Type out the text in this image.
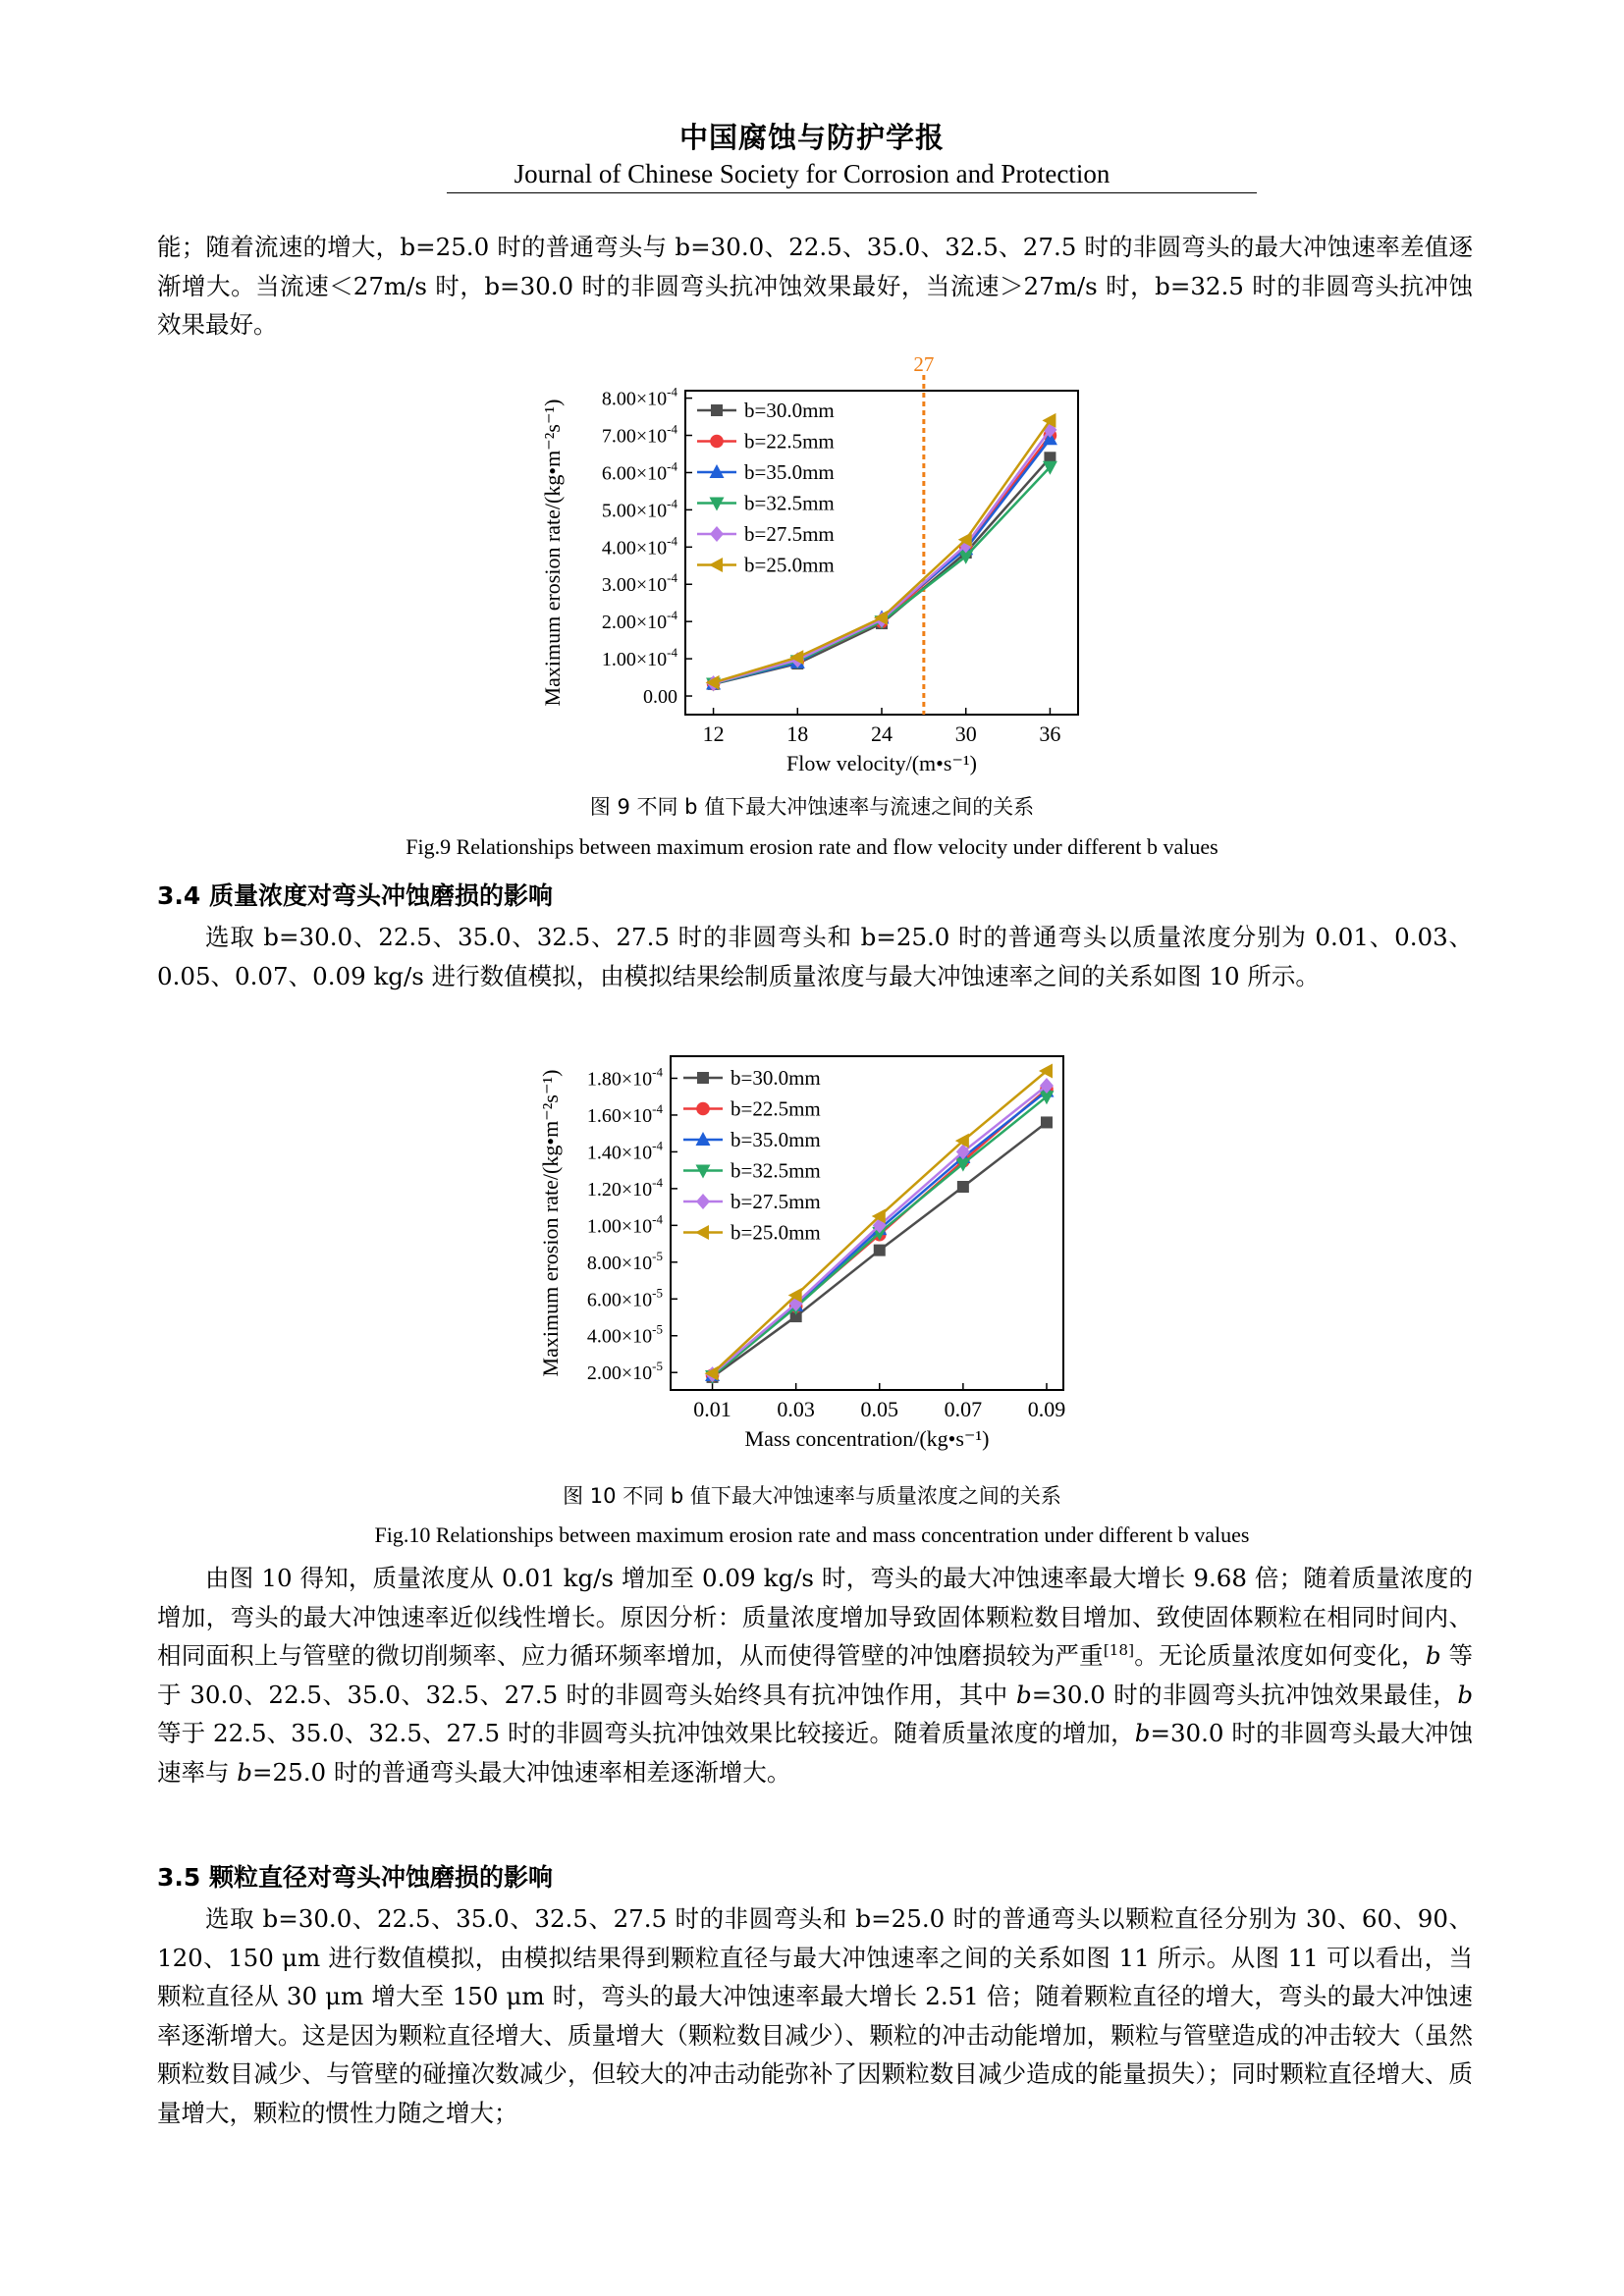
中国腐蚀与防护学报
Journal of Chinese Society for Corrosion and Protection

能；随着流速的增大，b=25.0 时的普通弯头与 b=30.0、22.5、35.0、32.5、27.5 时的非圆弯头的最大冲蚀速率差值逐渐增大。当流速＜27m/s 时，b=30.0 时的非圆弯头抗冲蚀效果最好，当流速＞27m/s 时，b=32.5 时的非圆弯头抗冲蚀效果最好。

12	18	24	30	36
0.00
$1.00\times 10^{-4}$
$2.00\times 10^{-4}$
$3.00\times 10^{-4}$
$4.00\times 10^{-4}$
$5.00\times 10^{-4}$
$6.00\times 10^{-4}$
$7.00\times 10^{-4}$
$8.00\times 10^{-4}$
27
b=30.0mm
b=22.5mm
b=35.0mm
b=32.5mm
b=27.5mm
b=25.0mm
Flow velocity/(m•s⁻¹)
Maximum erosion rate/(kg•m⁻²s⁻¹)
图 9 不同 b 值下最大冲蚀速率与流速之间的关系
Fig.9 Relationships between maximum erosion rate and flow velocity under different b values
3.4 质量浓度对弯头冲蚀磨损的影响

选取 b=30.0、22.5、35.0、32.5、27.5 时的非圆弯头和 b=25.0 时的普通弯头以质量浓度分别为 0.01、0.03、0.05、0.07、0.09 kg/s 进行数值模拟，由模拟结果绘制质量浓度与最大冲蚀速率之间的关系如图 10 所示。

0.01 0.03 0.05 0.07 0.09
$2.00\times 10^{-5}$
$4.00\times 10^{-5}$
$6.00\times 10^{-5}$
$8.00\times 10^{-5}$
$1.00\times 10^{-4}$
$1.20\times 10^{-4}$
$1.40\times 10^{-4}$
$1.60\times 10^{-4}$
$1.80\times 10^{-4}$	b=30.0mm
b=22.5mm
b=35.0mm
b=32.5mm
b=27.5mm
b=25.0mm
Mass concentration/(kg•s⁻¹)
Maximum erosion rate/(kg•m⁻²s⁻¹)
图 10 不同 b 值下最大冲蚀速率与质量浓度之间的关系
Fig.10 Relationships between maximum erosion rate and mass concentration under different b values

由图 10 得知，质量浓度从 0.01 kg/s 增加至 0.09 kg/s 时，弯头的最大冲蚀速率最大增长 9.68 倍；随着质量浓度的增加，弯头的最大冲蚀速率近似线性增长。原因分析：质量浓度增加导致固体颗粒数目增加、致使固体颗粒在相同时间内、相同面积上与管壁的微切削频率、应力循环频率增加，从而使得管壁的冲蚀磨损较为严重[18]。无论质量浓度如何变化，b 等于 30.0、22.5、35.0、32.5、27.5 时的非圆弯头始终具有抗冲蚀作用，其中 b=30.0 时的非圆弯头抗冲蚀效果最佳，b 等于 22.5、35.0、32.5、27.5 时的非圆弯头抗冲蚀效果比较接近。随着质量浓度的增加，b=30.0 时的非圆弯头最大冲蚀速率与 b=25.0 时的普通弯头最大冲蚀速率相差逐渐增大。

3.5 颗粒直径对弯头冲蚀磨损的影响

选取 b=30.0、22.5、35.0、32.5、27.5 时的非圆弯头和 b=25.0 时的普通弯头以颗粒直径分别为 30、60、90、120、150 μm 进行数值模拟，由模拟结果得到颗粒直径与最大冲蚀速率之间的关系如图 11 所示。从图 11 可以看出，当颗粒直径从 30 μm 增大至 150 μm 时，弯头的最大冲蚀速率最大增长 2.51 倍；随着颗粒直径的增大，弯头的最大冲蚀速率逐渐增大。这是因为颗粒直径增大、质量增大（颗粒数目减少）、颗粒的冲击动能增加，颗粒与管壁造成的冲击较大（虽然颗粒数目减少、与管壁的碰撞次数减少，但较大的冲击动能弥补了因颗粒数目减少造成的能量损失）；同时颗粒直径增大、质量增大，颗粒的惯性力随之增大；
